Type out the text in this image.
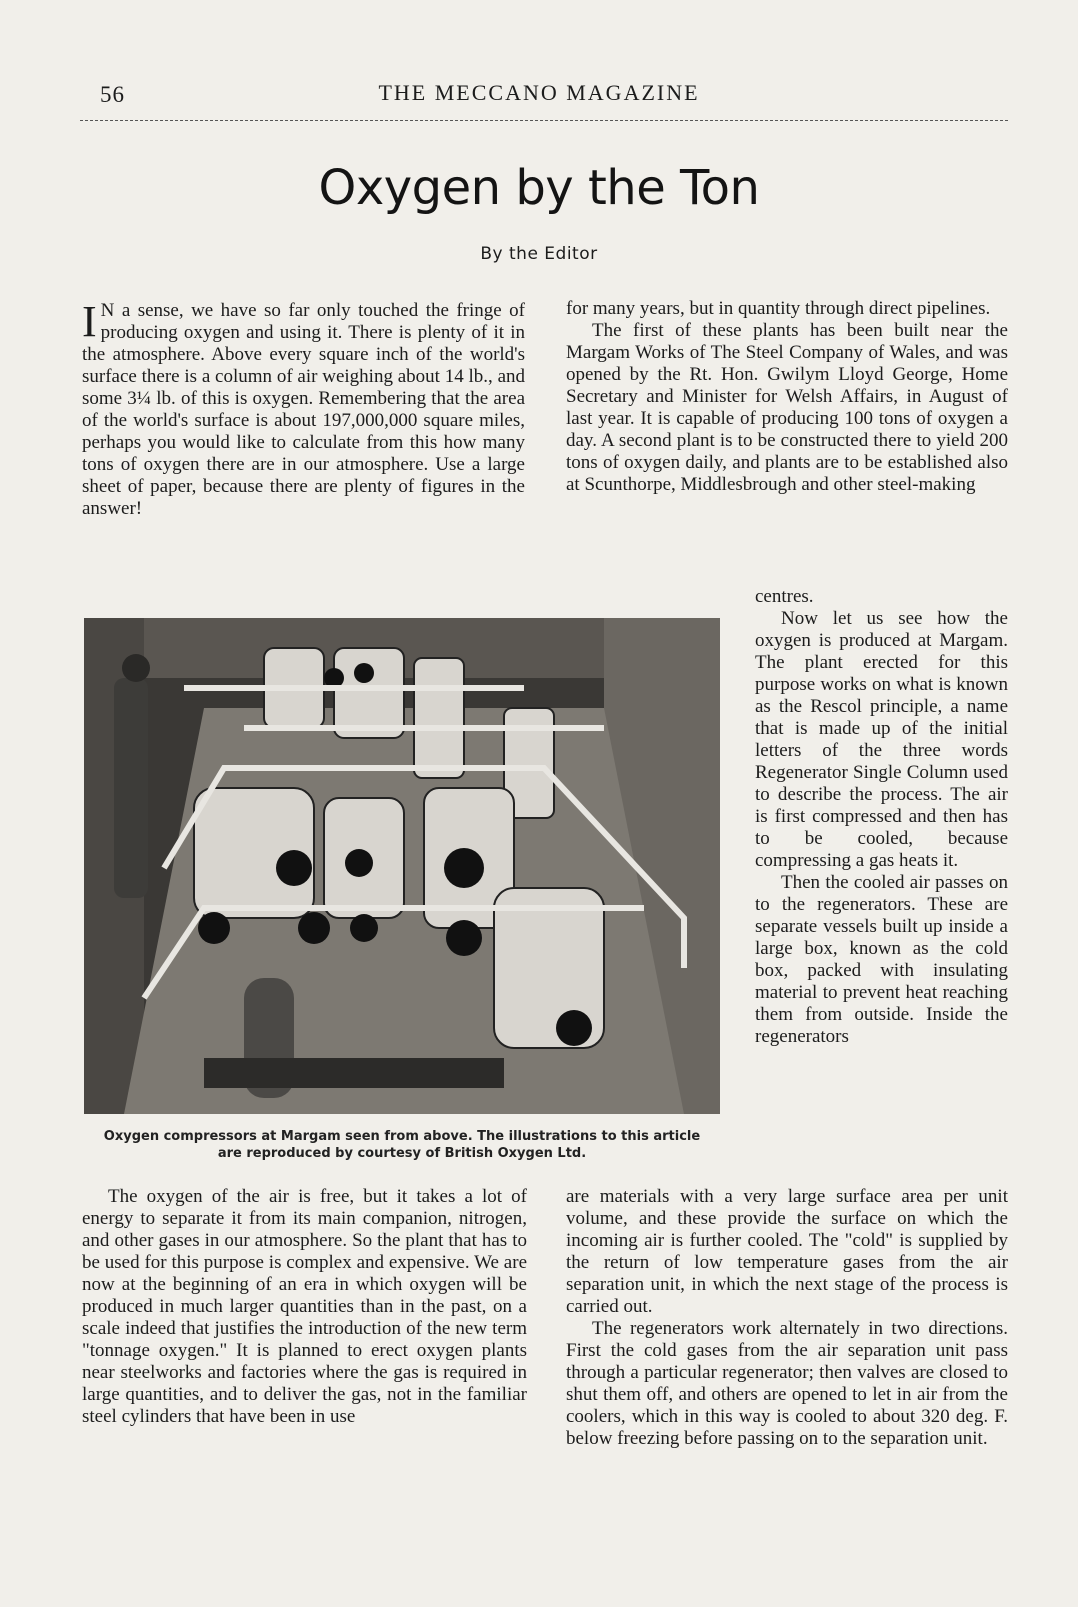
56	THE MECCANO MAGAZINE
Oxygen by the Ton
By the Editor

I N a sense, we have so far only touched the fringe of producing oxygen and using it. There is plenty of it in the atmosphere. Above every square inch of the world's surface there is a column of air weighing about 14 lb., and some 3¼ lb. of this is oxygen. Remembering that the area of the world's surface is about 197,000,000 square miles, perhaps you would like to calculate from this how many tons of oxygen there are in our atmosphere. Use a large sheet of paper, because there are plenty of figures in the answer!

for many years, but in quantity through direct pipelines.

The first of these plants has been built near the Margam Works of The Steel Company of Wales, and was opened by the Rt. Hon. Gwilym Lloyd George, Home Secretary and Minister for Welsh Affairs, in August of last year. It is capable of producing 100 tons of oxygen a day. A second plant is to be constructed there to yield 200 tons of oxygen daily, and plants are to be established also at Scunthorpe, Middlesbrough and other steel-making

Oxygen compressors at Margam seen from above. The illustrations to this article
are reproduced by courtesy of British Oxygen Ltd.

centres.

Now let us see how the oxygen is produced at Margam. The plant erected for this purpose works on what is known as the Rescol principle, a name that is made up of the initial letters of the three words Regenerator Single Column used to describe the process. The air is first compressed and then has to be cooled, because compressing a gas heats it.

Then the cooled air passes on to the regenerators. These are separate vessels built up inside a large box, known as the cold box, packed with insulating material to prevent heat reaching them from outside. Inside the regenerators

The oxygen of the air is free, but it takes a lot of energy to separate it from its main companion, nitrogen, and other gases in our atmosphere. So the plant that has to be used for this purpose is complex and expensive. We are now at the beginning of an era in which oxygen will be produced in much larger quantities than in the past, on a scale indeed that justifies the introduction of the new term "tonnage oxygen." It is planned to erect oxygen plants near steelworks and factories where the gas is required in large quantities, and to deliver the gas, not in the familiar steel cylinders that have been in use

are materials with a very large surface area per unit volume, and these provide the surface on which the incoming air is further cooled. The "cold" is supplied by the return of low temperature gases from the air separation unit, in which the next stage of the process is carried out.

The regenerators work alternately in two directions. First the cold gases from the air separation unit pass through a particular regenerator; then valves are closed to shut them off, and others are opened to let in air from the coolers, which in this way is cooled to about 320 deg. F. below freezing before passing on to the separation unit.
